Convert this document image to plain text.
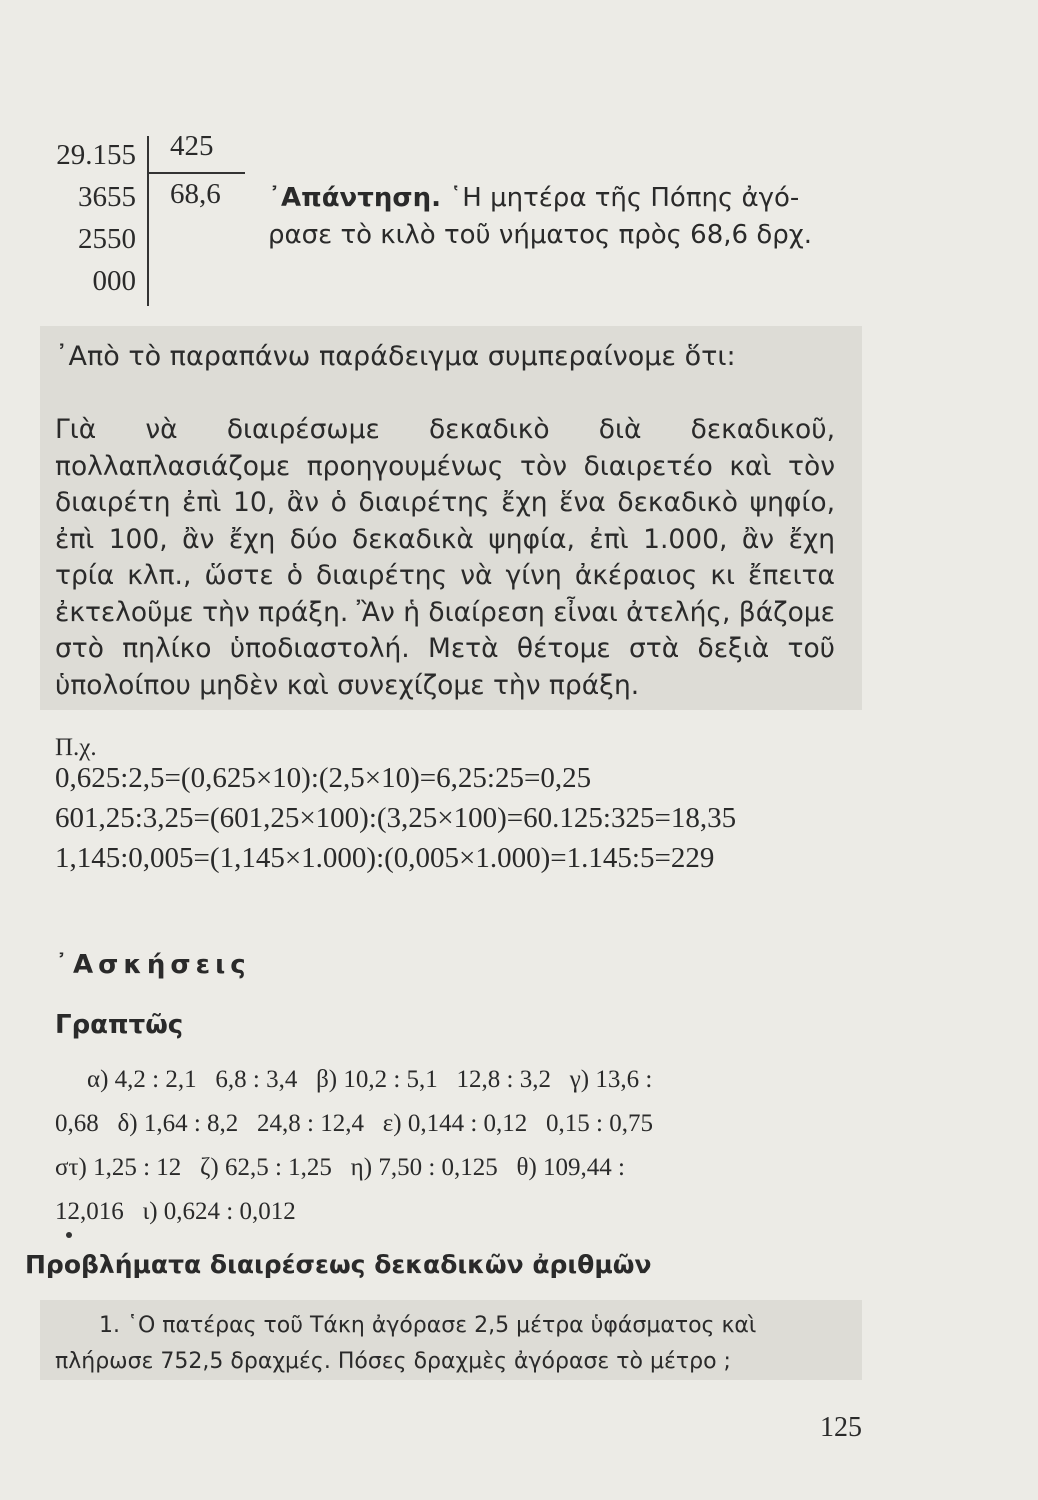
29.155
3655
2550
000
425
68,6 ᾿Απάντηση. ῾Η μητέρα τῆς Πόπης ἀγό-
ρασε τὸ κιλὸ τοῦ νήματος πρὸς 68,6 δρχ.
᾿Απὸ τὸ παραπάνω παράδειγμα συμπεραίνομε ὅτι:
Γιὰ νὰ διαιρέσωμε δεκαδικὸ διὰ δεκαδικοῦ, πολλαπλασιάζομε προηγουμένως τὸν διαιρετέο καὶ τὸν διαιρέτη ἐπὶ 10, ἂν ὁ διαιρέτης ἔχη ἕνα δεκαδικὸ ψηφίο, ἐπὶ 100, ἂν ἔχη δύο δεκαδικὰ ψηφία, ἐπὶ 1.000, ἂν ἔχη τρία κλπ., ὥστε ὁ διαιρέτης νὰ γίνη ἀκέραιος κι ἔπειτα ἐκτελοῦμε τὴν πράξη. Ἂν ἡ διαίρεση εἶναι ἀτελής, βάζομε στὸ πηλίκο ὑποδιαστολή. Μετὰ θέτομε στὰ δεξιὰ τοῦ ὑπολοίπου μηδὲν καὶ συνεχίζομε τὴν πράξη.
Π.χ.
0,625:2,5=(0,625×10):(2,5×10)=6,25:25=0,25
601,25:3,25=(601,25×100):(3,25×100)=60.125:325=18,35
1,145:0,005=(1,145×1.000):(0,005×1.000)=1.145:5=229
᾿Ασκήσεις
Γραπτῶς
α) 4,2 : 2,1   6,8 : 3,4   β) 10,2 : 5,1   12,8 : 3,2   γ) 13,6 :
0,68   δ) 1,64 : 8,2   24,8 : 12,4   ε) 0,144 : 0,12   0,15 : 0,75
στ) 1,25 : 12   ζ) 62,5 : 1,25   η) 7,50 : 0,125   θ) 109,44 :
12,016   ι) 0,624 : 0,012
Προβλήματα διαιρέσεως δεκαδικῶν ἀριθμῶν
1. ῾Ο πατέρας τοῦ Τάκη ἀγόρασε 2,5 μέτρα ὑφάσματος καὶ πλήρωσε 752,5 δραχμές. Πόσες δραχμὲς ἀγόρασε τὸ μέτρο ;
125
